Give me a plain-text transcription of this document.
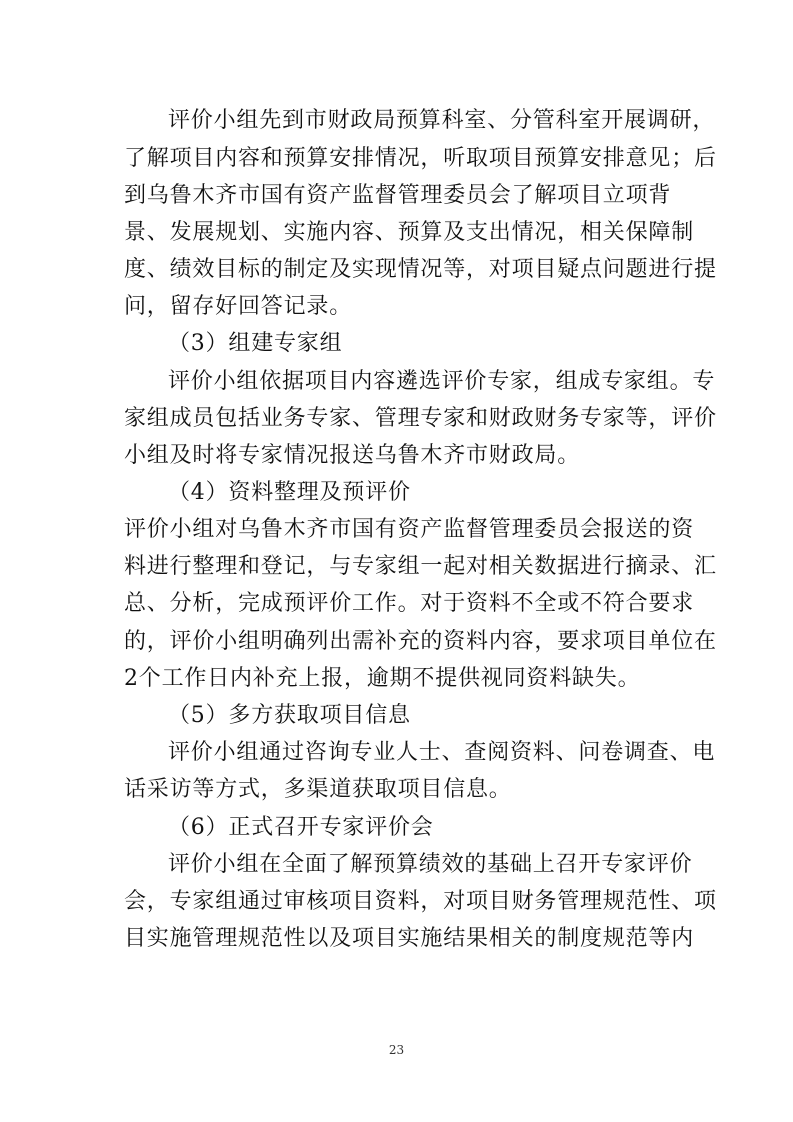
评价小组先到市财政局预算科室、分管科室开展调研，
了解项目内容和预算安排情况，听取项目预算安排意见；后
到乌鲁木齐市国有资产监督管理委员会了解项目立项背
景、发展规划、实施内容、预算及支出情况，相关保障制
度、绩效目标的制定及实现情况等，对项目疑点问题进行提
问，留存好回答记录。
（3）组建专家组
评价小组依据项目内容遴选评价专家，组成专家组。专
家组成员包括业务专家、管理专家和财政财务专家等，评价
小组及时将专家情况报送乌鲁木齐市财政局。
（4）资料整理及预评价
评价小组对乌鲁木齐市国有资产监督管理委员会报送的资
料进行整理和登记，与专家组一起对相关数据进行摘录、汇
总、分析，完成预评价工作。对于资料不全或不符合要求
的，评价小组明确列出需补充的资料内容，要求项目单位在
2个工作日内补充上报，逾期不提供视同资料缺失。
（5）多方获取项目信息
评价小组通过咨询专业人士、查阅资料、问卷调查、电
话采访等方式，多渠道获取项目信息。
（6）正式召开专家评价会
评价小组在全面了解预算绩效的基础上召开专家评价
会，专家组通过审核项目资料，对项目财务管理规范性、项
目实施管理规范性以及项目实施结果相关的制度规范等内
23
